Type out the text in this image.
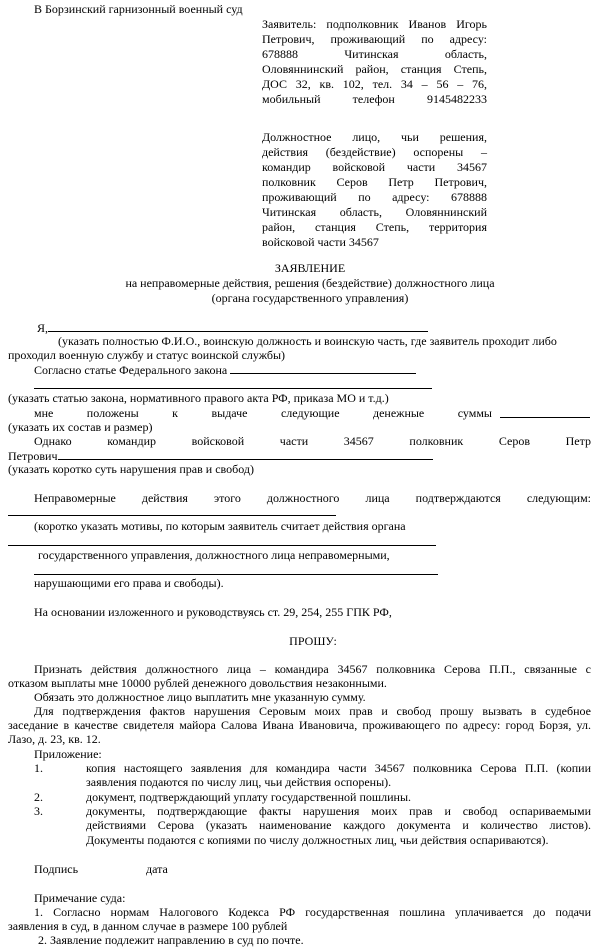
В Борзинский гарнизонный военный суд
Заявитель: подполковник Иванов Игорь
Петрович, проживающий по адресу:
678888 Читинская область,
Оловяннинский район, станция Степь,
ДОС 32, кв. 102, тел. 34 – 56 – 76,
мобильный телефон 9145482233
Должностное лицо, чьи решения,
действия (бездействие) оспорены –
командир войсковой части 34567
полковник Серов Петр Петрович,
проживающий по адресу: 678888
Читинская область, Оловяннинский
район, станция Степь, территория
войсковой части 34567
ЗАЯВЛЕНИЕ
на неправомерные действия, решения (бездействие) должностного лица
(органа государственного управления)
Я,
(указать полностью Ф.И.О., воинскую должность и воинскую часть, где заявитель проходит либо
проходил военную службу и статус воинской службы)
Согласно статье Федерального закона
(указать статью закона, нормативного правого акта РФ, приказа МО и т.д.)
мне положены к выдаче следующие денежные суммы
(указать их состав и размер)
Однако командир войсковой части 34567 полковник Серов Петр
Петрович
(указать коротко суть нарушения прав и свобод)
Неправомерные действия этого должностного лица подтверждаются следующим:
(коротко указать мотивы, по которым заявитель считает действия органа
государственного управления, должностного лица неправомерными,
нарушающими его права и свободы).
На основании изложенного и руководствуясь ст. 29, 254, 255 ГПК РФ,
ПРОШУ:
Признать действия должностного лица – командира 34567 полковника Серова П.П., связанные с
отказом выплаты мне 10000 рублей денежного довольствия незаконными.
Обязать это должностное лицо выплатить мне указанную сумму.
Для подтверждения фактов нарушения Серовым моих прав и свобод прошу вызвать в судебное
заседание в качестве свидетеля майора Салова Ивана Ивановича, проживающего по адресу: город Борзя, ул.
Лазо, д. 23, кв. 12.
Приложение:
1.	копия настоящего заявления для командира части 34567 полковника Серова П.П. (копии
заявления подаются по числу лиц, чьи действия оспорены).
2.	документ, подтверждающий уплату государственной пошлины.
3.	документы, подтверждающие факты нарушения моих прав и свобод оспариваемыми
действиями Серова (указать наименование каждого документа и количество листов).
Документы подаются с копиями по числу должностных лиц, чьи действия оспариваются).
Подпись	дата
Примечание суда:
1. Согласно нормам Налогового Кодекса РФ государственная пошлина уплачивается до подачи
заявления в суд, в данном случае в размере 100 рублей
2. Заявление подлежит направлению в суд по почте.
